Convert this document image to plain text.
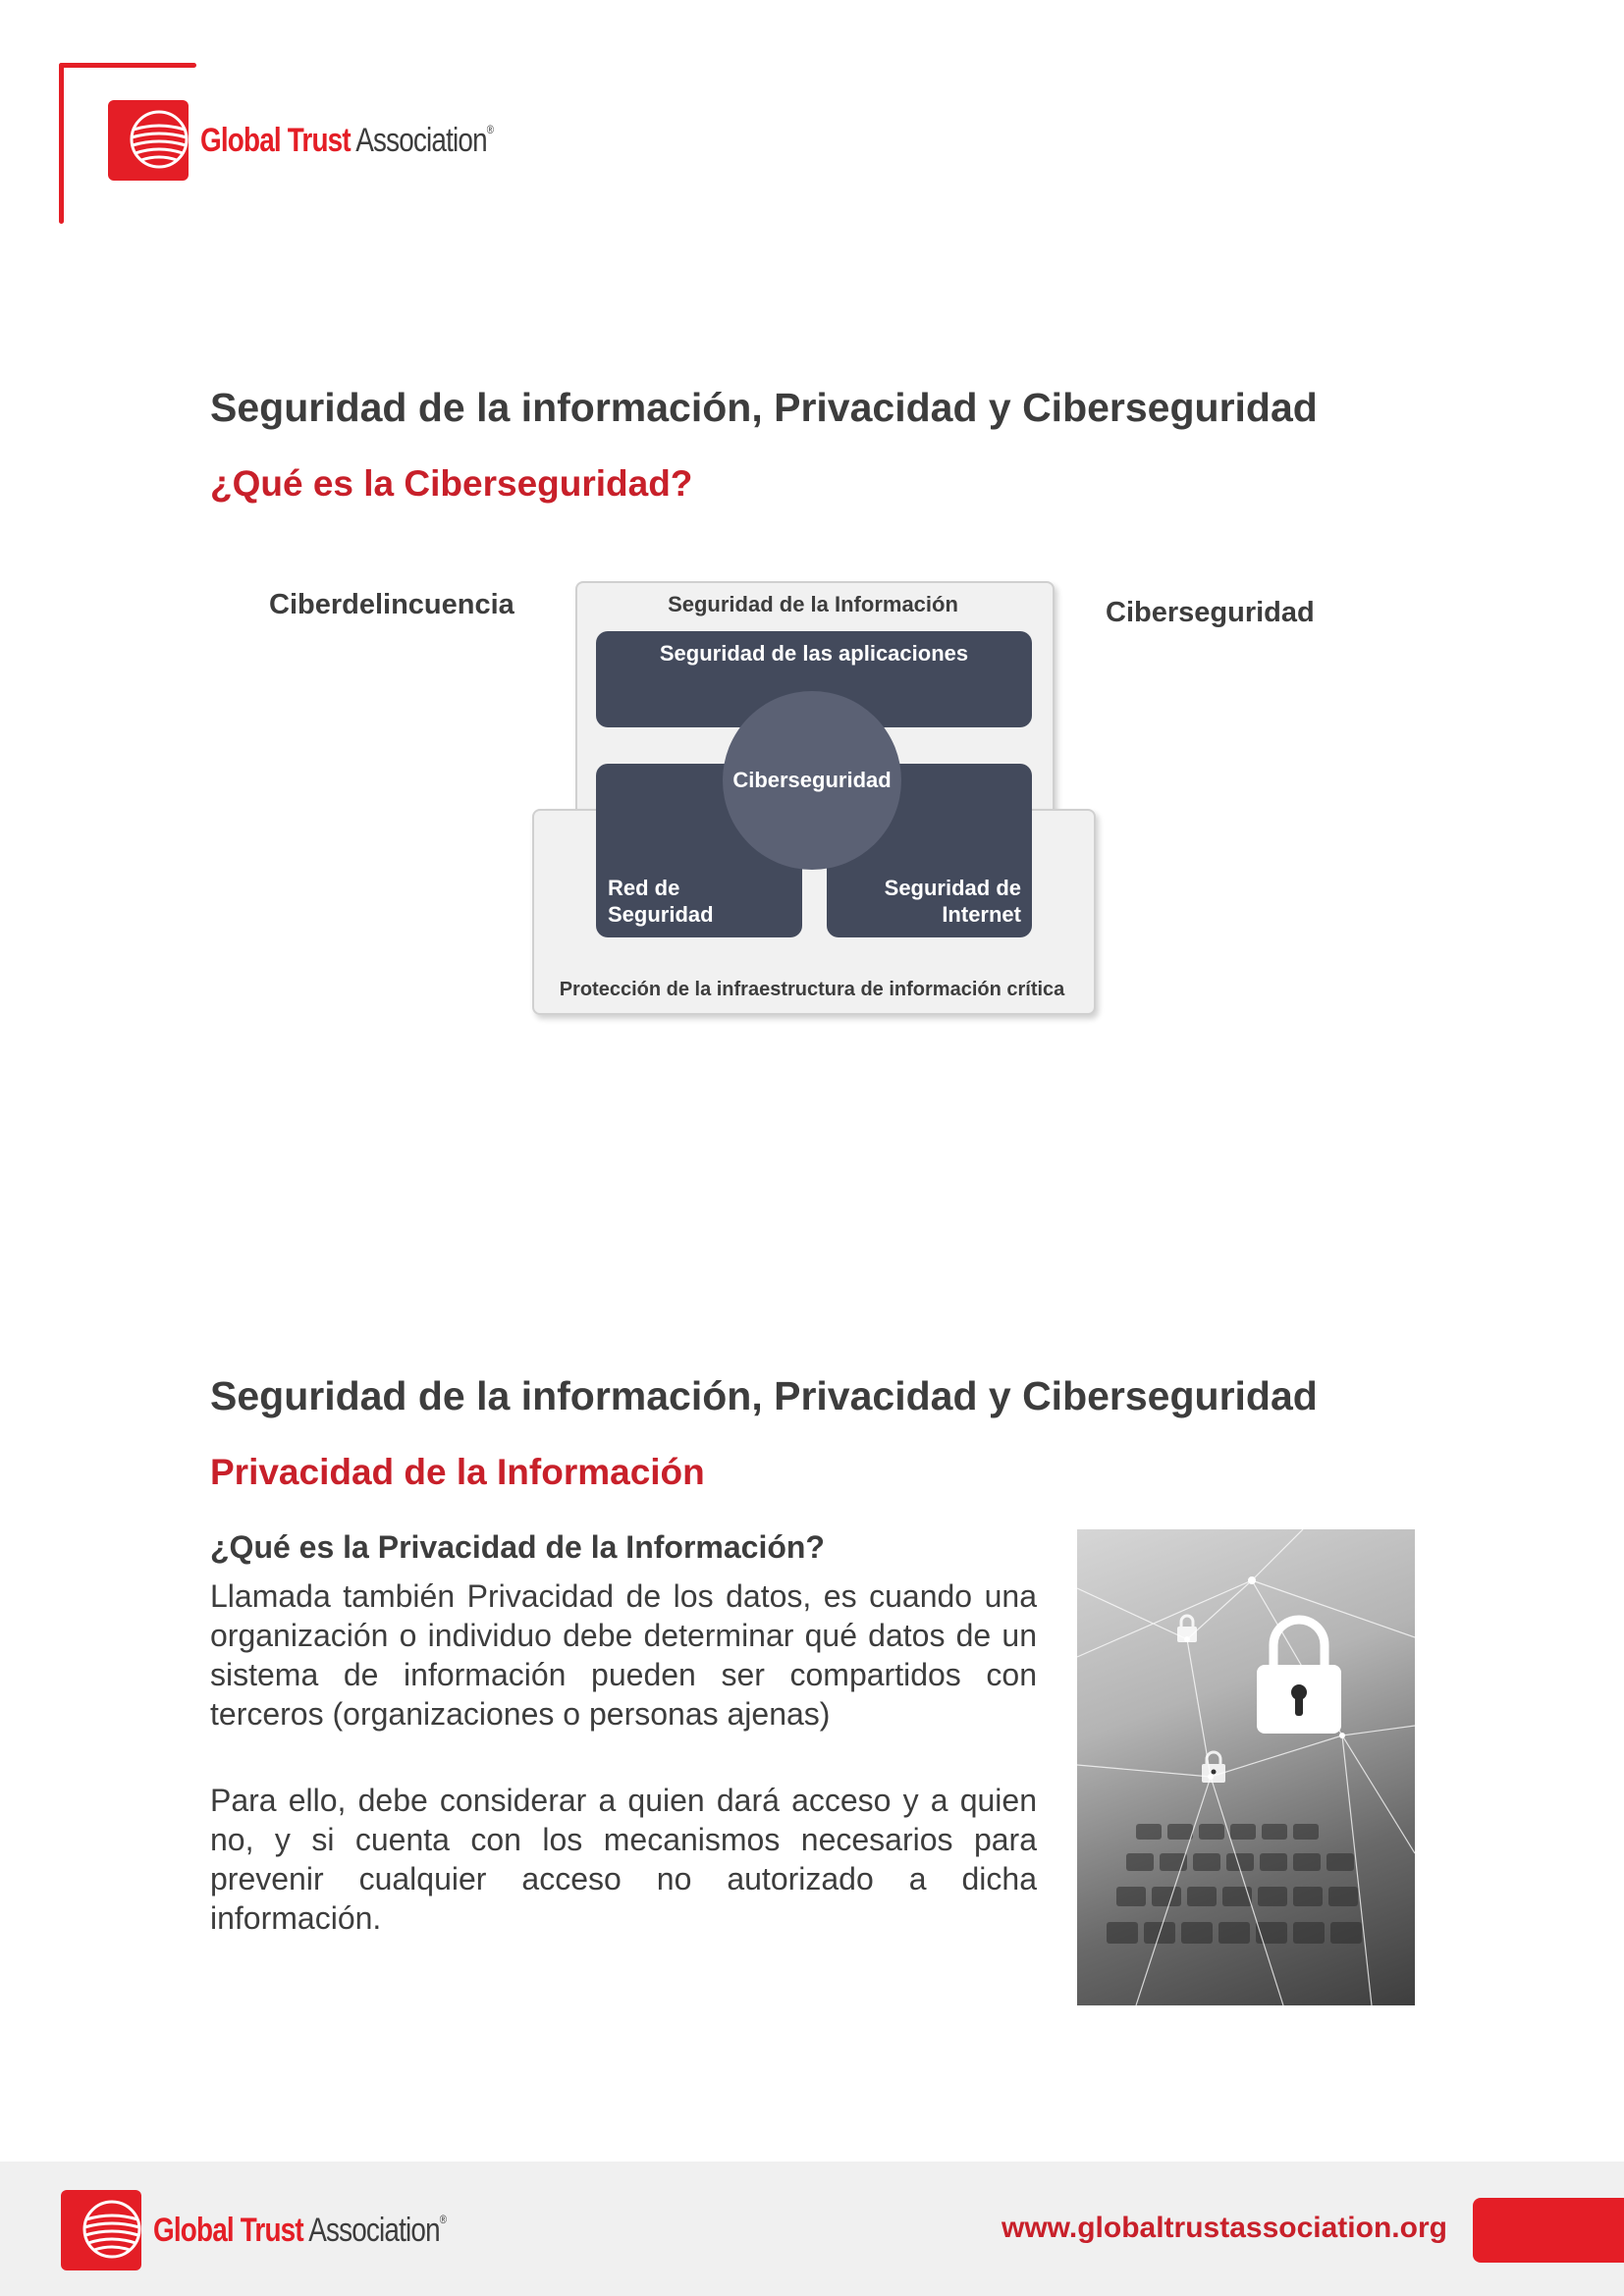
Global Trust Association®
Seguridad de la información, Privacidad y Ciberseguridad
¿Qué es la Ciberseguridad?
Ciberdelincuencia	Ciberseguridad
Seguridad de la Información
Seguridad de las aplicaciones
Ciberseguridad
Red de
Seguridad
Seguridad de
Internet
Protección de la infraestructura de información crítica
Seguridad de la información, Privacidad y Ciberseguridad
Privacidad de la Información
¿Qué es la Privacidad de la Información?

Llamada también Privacidad de los datos, es cuando una organización o individuo debe determinar qué datos de un sistema de información pueden ser compartidos con terceros (organizaciones o personas ajenas)

Para ello, debe considerar a quien dará acceso y a quien no, y si cuenta con los mecanismos necesarios para prevenir cualquier acceso no autorizado a dicha información.

Global Trust Association®	www.globaltrustassociation.org
